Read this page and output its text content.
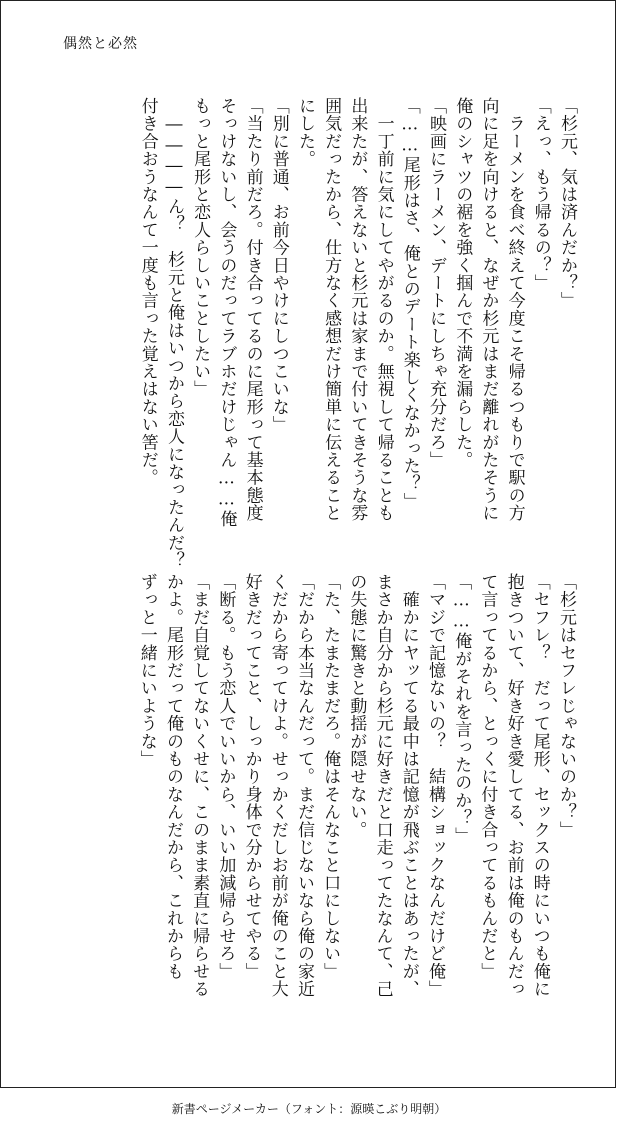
偶然と必然
「杉元、気は済んだか？」
「えっ、もう帰るの？」
　ラーメンを食べ終えて今度こそ帰るつもりで駅の方
向に足を向けると、なぜか杉元はまだ離れがたそうに
俺のシャツの裾を強く掴んで不満を漏らした。
「映画にラーメン、デートにしちゃ充分だろ」
「……尾形はさ、俺とのデート楽しくなかった？」
　一丁前に気にしてやがるのか。無視して帰ることも
出来たが、答えないと杉元は家まで付いてきそうな雰
囲気だったから、仕方なく感想だけ簡単に伝えること
にした。
「別に普通、お前今日やけにしつこいな」
「当たり前だろ。付き合ってるのに尾形って基本態度
そっけないし、会うのだってラブホだけじゃん……俺
もっと尾形と恋人らしいことしたい」
　――――ん？　杉元と俺はいつから恋人になったんだ？
付き合おうなんて一度も言った覚えはない筈だ。
「杉元はセフレじゃないのか？」
「セフレ？　だって尾形、セックスの時にいつも俺に
抱きついて、好き好き愛してる、お前は俺のもんだっ
て言ってるから、とっくに付き合ってるもんだと」
「……俺がそれを言ったのか？」
「マジで記憶ないの？　結構ショックなんだけど俺」
　確かにヤッてる最中は記憶が飛ぶことはあったが、
まさか自分から杉元に好きだと口走ってたなんて、己
の失態に驚きと動揺が隠せない。
「た、たまたまだろ。俺はそんなこと口にしない」
「だから本当なんだって。まだ信じないなら俺の家近
くだから寄ってけよ。せっかくだしお前が俺のこと大
好きだってこと、しっかり身体で分からせてやる」
「断る。もう恋人でいいから、いい加減帰らせろ」
「まだ自覚してないくせに、このまま素直に帰らせる
かよ。尾形だって俺のものなんだから、これからも
ずっと一緒にいような」
新書ページメーカー（フォント：源暎こぶり明朝）
